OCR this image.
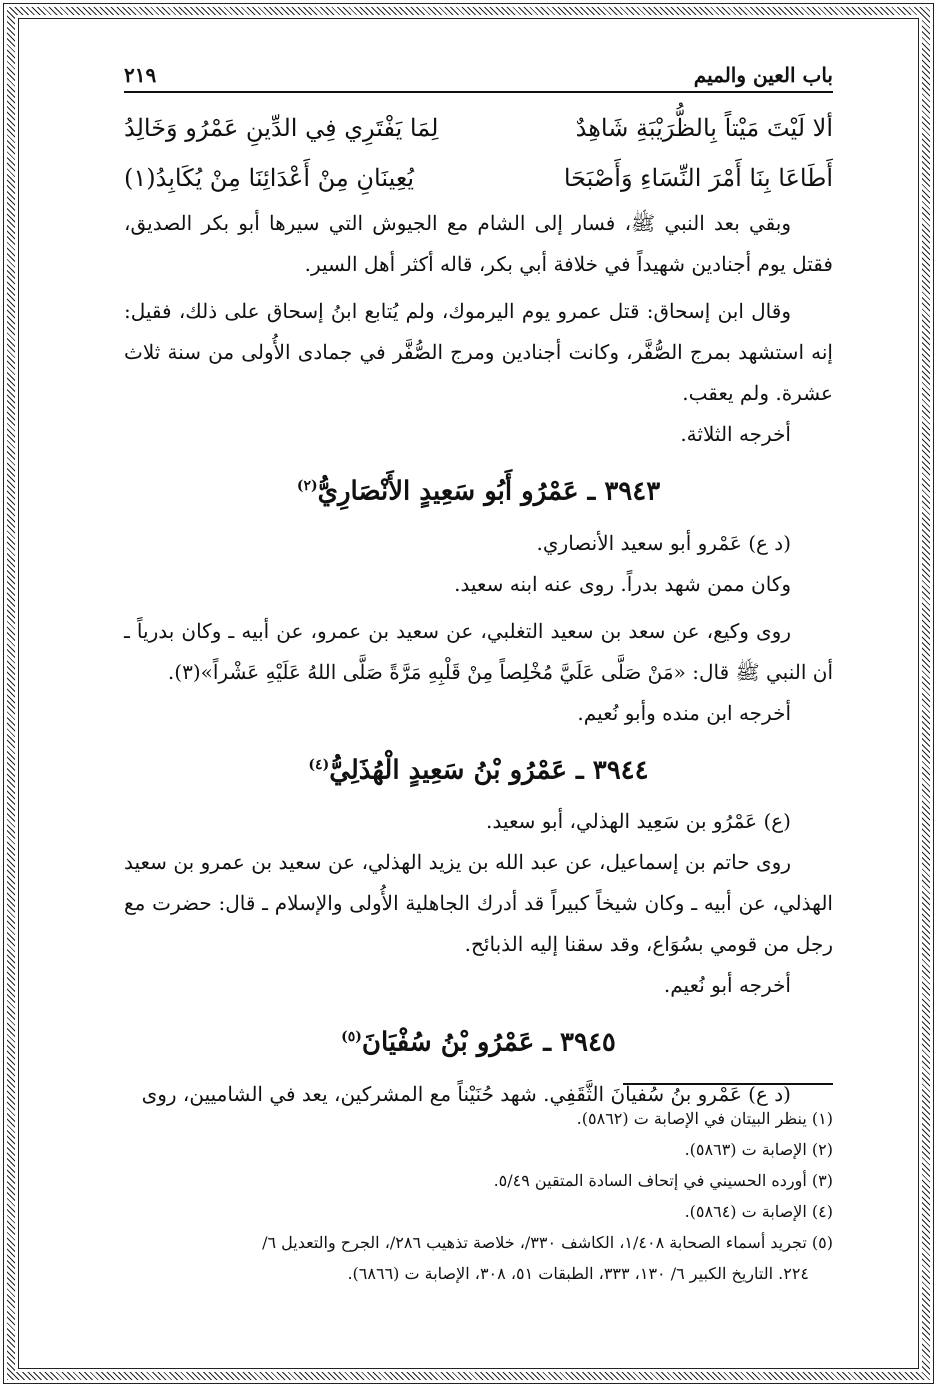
باب العين والميم
٢١٩
ألا لَيْتَ مَيْتاً بِالظُّرَيْبَةِ شَاهِدٌ
لِمَا يَفْتَرِي فِي الدِّينِ عَمْرُو وَخَالِدُ
أَطَاعَا بِنَا أَمْرَ النِّسَاءِ وَأَصْبَحَا
يُعِينَانِ مِنْ أَعْدَائِنَا مِنْ يُكَابِدُ(١)

وبقي بعد النبي ﷺ، فسار إلى الشام مع الجيوش التي سيرها أبو بكر الصديق، فقتل يوم أجنادين شهيداً في خلافة أبي بكر، قاله أكثر أهل السير.

وقال ابن إسحاق: قتل عمرو يوم اليرموك، ولم يُتابع ابنُ إسحاق على ذلك، فقيل: إنه استشهد بمرج الصُّفَّر، وكانت أجنادين ومرج الصُّفَّر في جمادى الأُولى من سنة ثلاث عشرة. ولم يعقب.

أخرجه الثلاثة.

٣٩٤٣ ـ عَمْرُو أَبُو سَعِيدٍ الأَنْصَارِيُّ$^{(٢)}$

(د ع) عَمْرو أبو سعيد الأنصاري.

وكان ممن شهد بدراً. روى عنه ابنه سعيد.

روى وكيع، عن سعد بن سعيد التغلبي، عن سعيد بن عمرو، عن أبيه ـ وكان بدرياً ـ أن النبي ﷺ قال: «مَنْ صَلَّى عَلَيَّ مُخْلِصاً مِنْ قَلْبِهِ مَرَّةً صَلَّى اللهُ عَلَيْهِ عَشْراً»(٣).

أخرجه ابن منده وأبو نُعيم.

٣٩٤٤ ـ عَمْرُو بْنُ سَعِيدٍ الْهُذَلِيُّ$^{(٤)}$

(ع) عَمْرُو بن سَعِيد الهذلي، أبو سعيد.

روى حاتم بن إسماعيل، عن عبد الله بن يزيد الهذلي، عن سعيد بن عمرو بن سعيد الهذلي، عن أبيه ـ وكان شيخاً كبيراً قد أدرك الجاهلية الأُولى والإسلام ـ قال: حضرت مع رجل من قومي بسُوَاع، وقد سقنا إليه الذبائح.

أخرجه أبو نُعيم.

٣٩٤٥ ـ عَمْرُو بْنُ سُفْيَانَ$^{(٥)}$

(د ع) عَمْرو بنُ سُفيانَ الثَّقَفِي. شهد حُنَيْناً مع المشركين، يعد في الشاميين، روى

(١) ينظر البيتان في الإصابة ت (٥٨٦٢).

(٢) الإصابة ت (٥٨٦٣).

(٣) أورده الحسيني في إتحاف السادة المتقين ٥/٤٩.

(٤) الإصابة ت (٥٨٦٤).

(٥) تجريد أسماء الصحابة ١/٤٠٨، الكاشف ٣٣٠/، خلاصة تذهيب ٢٨٦/، الجرح والتعديل ٦/

٢٢٤. التاريخ الكبير ٦/ ١٣٠، ٣٣٣، الطبقات ٥١، ٣٠٨، الإصابة ت (٦٨٦٦).
